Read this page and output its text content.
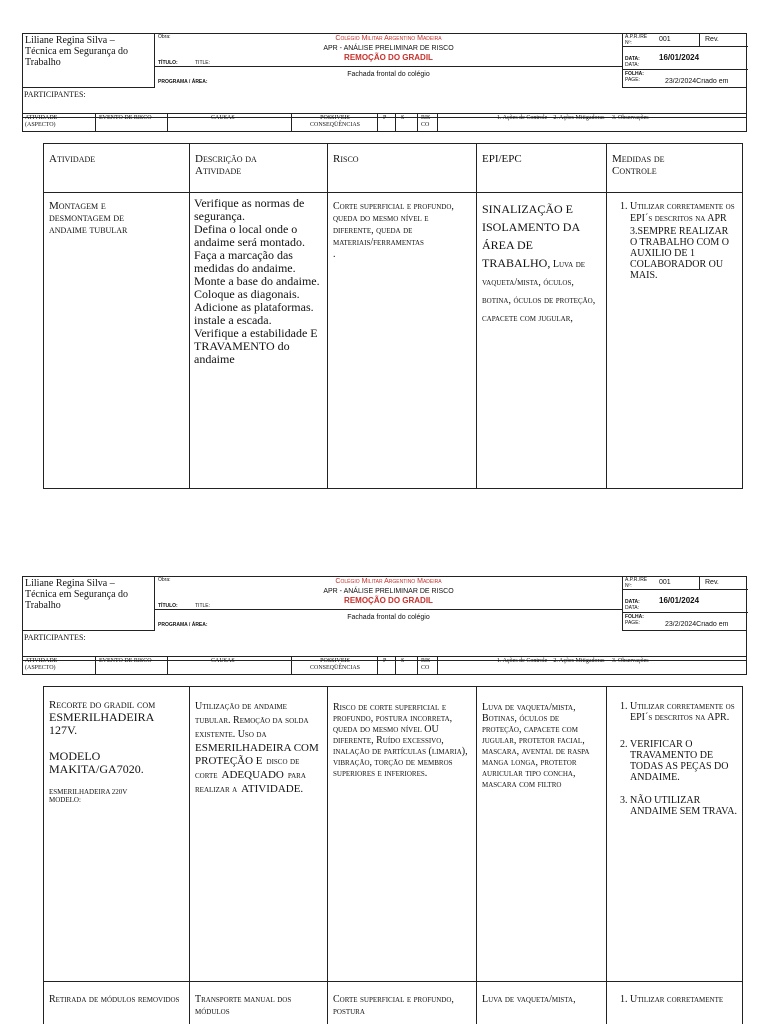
Liliane Regina Silva –
Técnica em Segurança do
Trabalho
Obra:	Colégio Militar Argentino Madeira
APR - ANÁLISE PRELIMINAR DE RISCO
TÍTULO:	TITLE:
REMOÇÃO DO GRADIL
PROGRAMA / ÁREA:
Fachada frontal do colégio
A.P.R./RE
Nº:	001	Rev.
DATA:
DATA:
16/01/2024
FOLHA:
PAGE:	23/2/2024Criado em
PARTICIPANTES:
ATIVIDADE
(ASPECTO)
EVENTO DE RISCO	CAUSAS	POSSIVEIS
CONSEQÜÊNCIAS
P S	RIS
CO
1. Ações de Controle    2. Ações Mitigadoras     3. Observações
Atividade	Descrição da
Atividade
Risco	EPI/EPC	Medidas de
Controle
Montagem e
desmontagem de
andaime tubular
Verifique as normas de segurança.
Defina o local onde o andaime será montado.
Faça a marcação das medidas do andaime.
Monte a base do andaime.
Coloque as diagonais.
Adicione as plataformas.
instale a escada.
Verifique a estabilidade E TRAVAMENTO do andaime
Corte superficial e profundo, queda do mesmo nível e diferente, queda de materiais/ferramentas
.
SINALIZAÇÃO E ISOLAMENTO DA ÁREA DE TRABALHO, Luva de vaqueta/mista, óculos, botina, óculos de proteção, capacete com jugular,
1. Utilizar corretamente os EPI´s descritos na APR
3.SEMPRE REALIZAR O TRABALHO COM O AUXILIO DE 1 COLABORADOR OU MAIS.
Liliane Regina Silva –
Técnica em Segurança do
Trabalho
Obra:	Colégio Militar Argentino Madeira
APR - ANÁLISE PRELIMINAR DE RISCO
TÍTULO:	TITLE:
REMOÇÃO DO GRADIL
PROGRAMA / ÁREA:
Fachada frontal do colégio
A.P.R./RE
Nº:	001	Rev.
DATA:
DATA:
16/01/2024
FOLHA:
PAGE:	23/2/2024Criado em
PARTICIPANTES:
ATIVIDADE
(ASPECTO)
EVENTO DE RISCO	CAUSAS	POSSIVEIS
CONSEQÜÊNCIAS
P S	RIS
CO
1. Ações de Controle    2. Ações Mitigadoras     3. Observações
Recorte do gradil com
ESMERILHADEIRA 127V.
MODELO MAKITA/GA7020.
ESMERILHADEIRA 220V
MODELO:
Utilização de andaime tubular. Remoção da solda existente. Uso da ESMERILHADEIRA COM PROTEÇÃO E disco de corte ADEQUADO para realizar a ATIVIDADE.
Risco de corte superficial e profundo, postura incorreta, queda do mesmo nível OU diferente, Ruído excessivo, inalação de partículas (limaria), vibração, torção de membros superiores e inferiores.
Luva de vaqueta/mista, Botinas, óculos de proteção, capacete com jugular, protetor facial, mascara, avental de raspa manga longa, protetor auricular tipo concha, mascara com filtro
1. Utilizar corretamente os EPI´s descritos na APR.
2. VERIFICAR O TRAVAMENTO DE TODAS AS PEÇAS DO ANDAIME.
3. NÃO UTILIZAR ANDAIME SEM TRAVA.
Retirada de módulos removidos	Transporte manual dos módulos
Corte superficial e profundo, postura
Luva de vaqueta/mista,
1.	Utilizar corretamente
